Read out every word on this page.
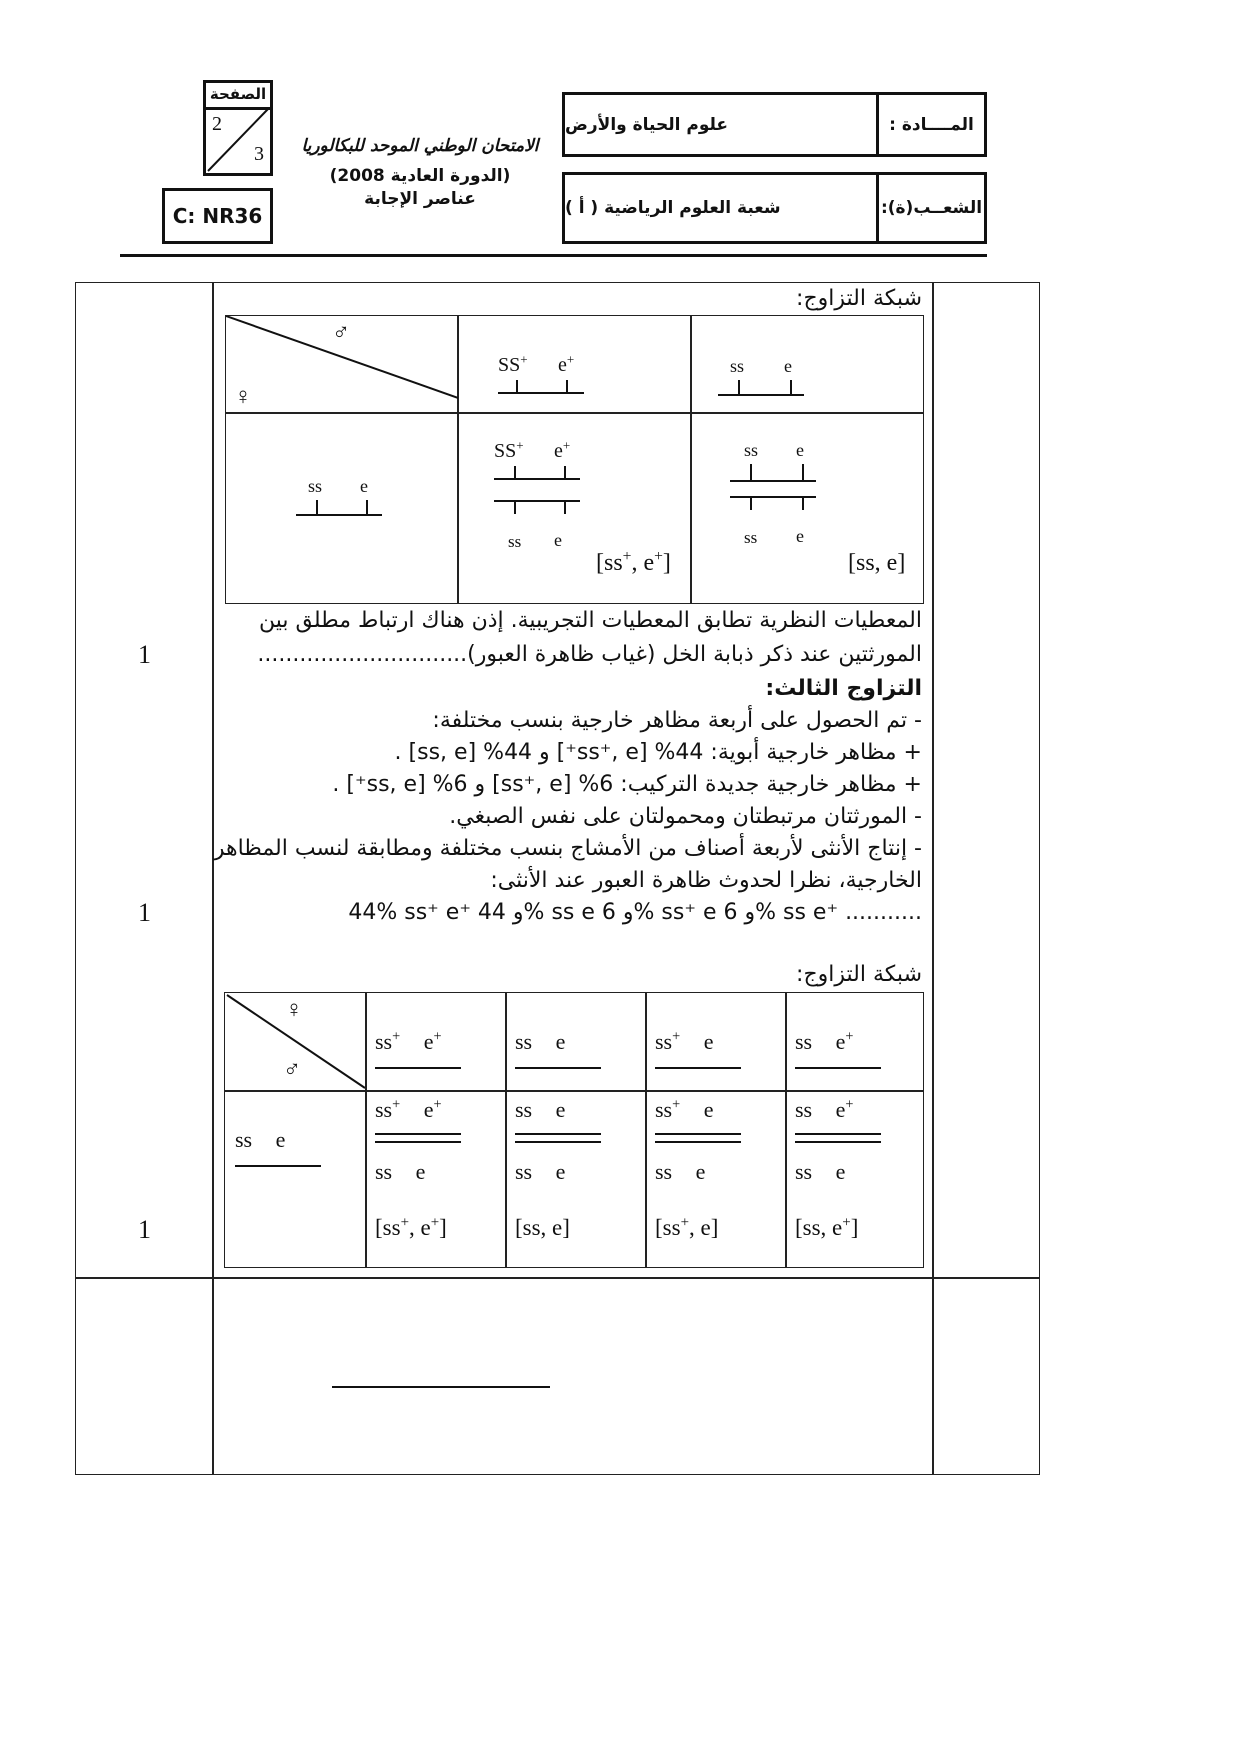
الصفحة
2
3
C: NR36
الامتحان الوطني الموحد للبكالوريا
(الدورة العادية 2008)
عناصر الإجابة
المــــادة :
علوم الحياة والأرض
الشعــب(ة):
شعبة العلوم الرياضية ( أ )
شبكة التزاوج:
♂
♀
SS+ e+	ss e
ss e
SS+ e+
ss e
[ss+, e+]
ss e
ss e
[ss, e]
المعطيات النظرية تطابق المعطيات التجريبية. إذن هناك ارتباط مطلق بين
المورثتين عند ذكر ذبابة الخل (غياب ظاهرة العبور)..............................
التزاوج الثالث:
- تم الحصول على أربعة مظاهر خارجية بنسب مختلفة:
+ مظاهر خارجية أبوية: 44% [ss⁺, e⁺] و 44% [ss, e] .
+ مظاهر خارجية جديدة التركيب: 6% [ss⁺, e] و 6% [ss, e⁺] .
- المورثتان مرتبطتان ومحمولتان على نفس الصبغي.
- إنتاج الأنثى لأربعة أصناف من الأمشاج بنسب مختلفة ومطابقة لنسب المظاهر
الخارجية، نظرا لحدوث ظاهرة العبور عند الأنثى:
44% ss⁺ e⁺ و 44% ss e و 6% ss⁺ e و 6% ss e⁺ ...........
1
1
1
شبكة التزاوج:
♀
♂
ss e
ss+ e+
ss+ e+
ss e
[ss+, e+]
ss e
ss e
ss e
[ss, e]
ss+ e
ss+ e
ss e
[ss+, e]
ss e+
ss e+
ss e
[ss, e+]
